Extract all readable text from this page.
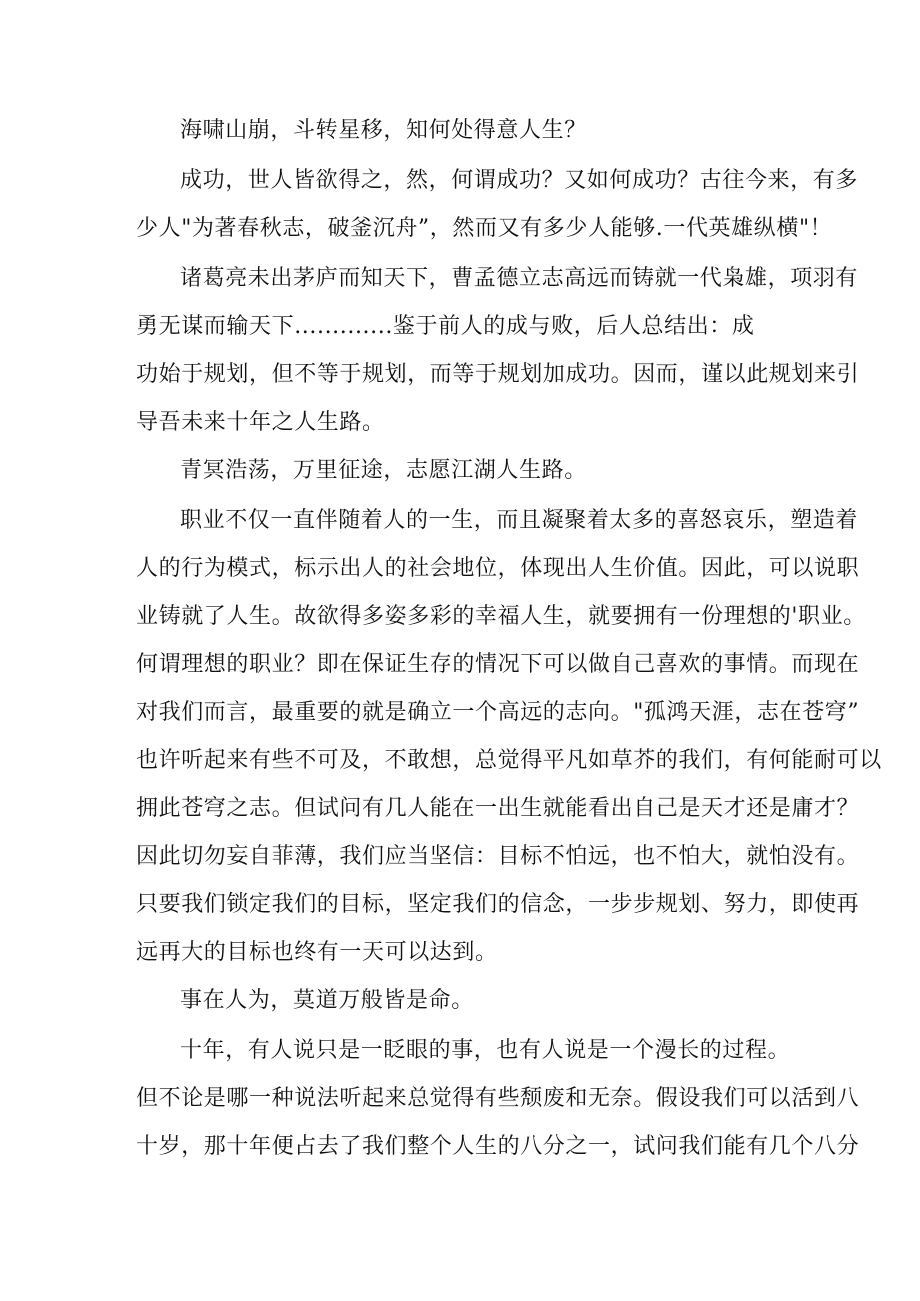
海啸山崩，斗转星移，知何处得意人生？
成功，世人皆欲得之，然，何谓成功？又如何成功？古往今来，有多
少人"为著春秋志，破釜沉舟”，然而又有多少人能够.一代英雄纵横"！
诸葛亮未出茅庐而知天下，曹孟德立志高远而铸就一代枭雄，项羽有
勇无谋而输天下.............鉴于前人的成与败，后人总结出：成
功始于规划，但不等于规划，而等于规划加成功。因而，谨以此规划来引
导吾未来十年之人生路。
青冥浩荡，万里征途，志愿江湖人生路。
职业不仅一直伴随着人的一生，而且凝聚着太多的喜怒哀乐，塑造着
人的行为模式，标示出人的社会地位，体现出人生价值。因此，可以说职
业铸就了人生。故欲得多姿多彩的幸福人生，就要拥有一份理想的'职业。
何谓理想的职业？即在保证生存的情况下可以做自己喜欢的事情。而现在
对我们而言，最重要的就是确立一个高远的志向。"孤鸿天涯，志在苍穹”
也许听起来有些不可及，不敢想，总觉得平凡如草芥的我们，有何能耐可以
拥此苍穹之志。但试问有几人能在一出生就能看出自己是天才还是庸才？
因此切勿妄自菲薄，我们应当坚信：目标不怕远，也不怕大，就怕没有。
只要我们锁定我们的目标，坚定我们的信念，一步步规划、努力，即使再
远再大的目标也终有一天可以达到。
事在人为，莫道万般皆是命。
十年，有人说只是一眨眼的事，也有人说是一个漫长的过程。
但不论是哪一种说法听起来总觉得有些颓废和无奈。假设我们可以活到八
十岁，那十年便占去了我们整个人生的八分之一，试问我们能有几个八分
